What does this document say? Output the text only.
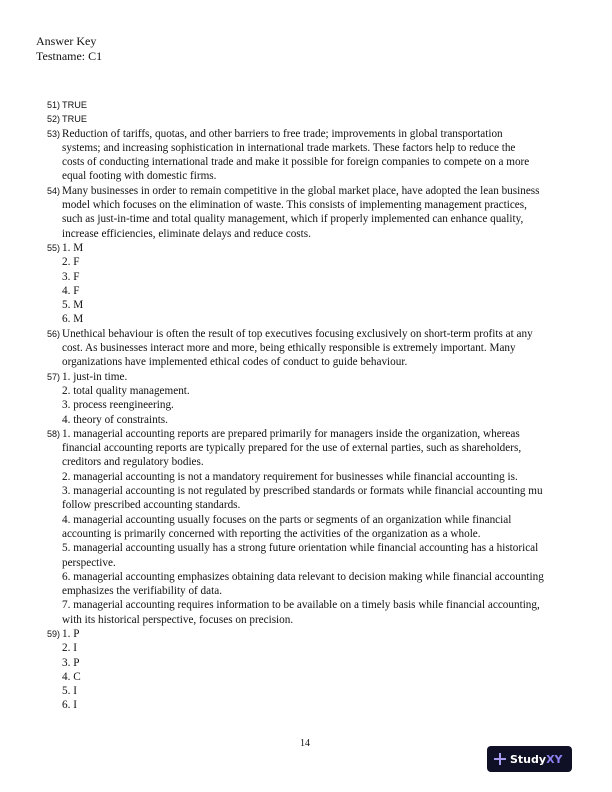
Answer Key
Testname: C1
51) TRUE
52) TRUE
53) Reduction of tariffs, quotas, and other barriers to free trade; improvements in global transportation
systems; and increasing sophistication in international trade markets. These factors help to reduce the
costs of conducting international trade and make it possible for foreign companies to compete on a more
equal footing with domestic firms.
54) Many businesses in order to remain competitive in the global market place, have adopted the lean business
model which focuses on the elimination of waste. This consists of implementing management practices,
such as just-in-time and total quality management, which if properly implemented can enhance quality,
increase efficiencies, eliminate delays and reduce costs.
55) 1. M
2. F
3. F
4. F
5. M
6. M
56) Unethical behaviour is often the result of top executives focusing exclusively on short-term profits at any
cost. As businesses interact more and more, being ethically responsible is extremely important. Many
organizations have implemented ethical codes of conduct to guide behaviour.
57) 1. just-in time.
2. total quality management.
3. process reengineering.
4. theory of constraints.
58) 1. managerial accounting reports are prepared primarily for managers inside the organization, whereas
financial accounting reports are typically prepared for the use of external parties, such as shareholders,
creditors and regulatory bodies.
2. managerial accounting is not a mandatory requirement for businesses while financial accounting is.
3. managerial accounting is not regulated by prescribed standards or formats while financial accounting mu
follow prescribed accounting standards.
4. managerial accounting usually focuses on the parts or segments of an organization while financial
accounting is primarily concerned with reporting the activities of the organization as a whole.
5. managerial accounting usually has a strong future orientation while financial accounting has a historical
perspective.
6. managerial accounting emphasizes obtaining data relevant to decision making while financial accounting
emphasizes the verifiability of data.
7. managerial accounting requires information to be available on a timely basis while financial accounting,
with its historical perspective, focuses on precision.
59) 1. P
2. I
3. P
4. C
5. I
6. I
14
StudyXY
